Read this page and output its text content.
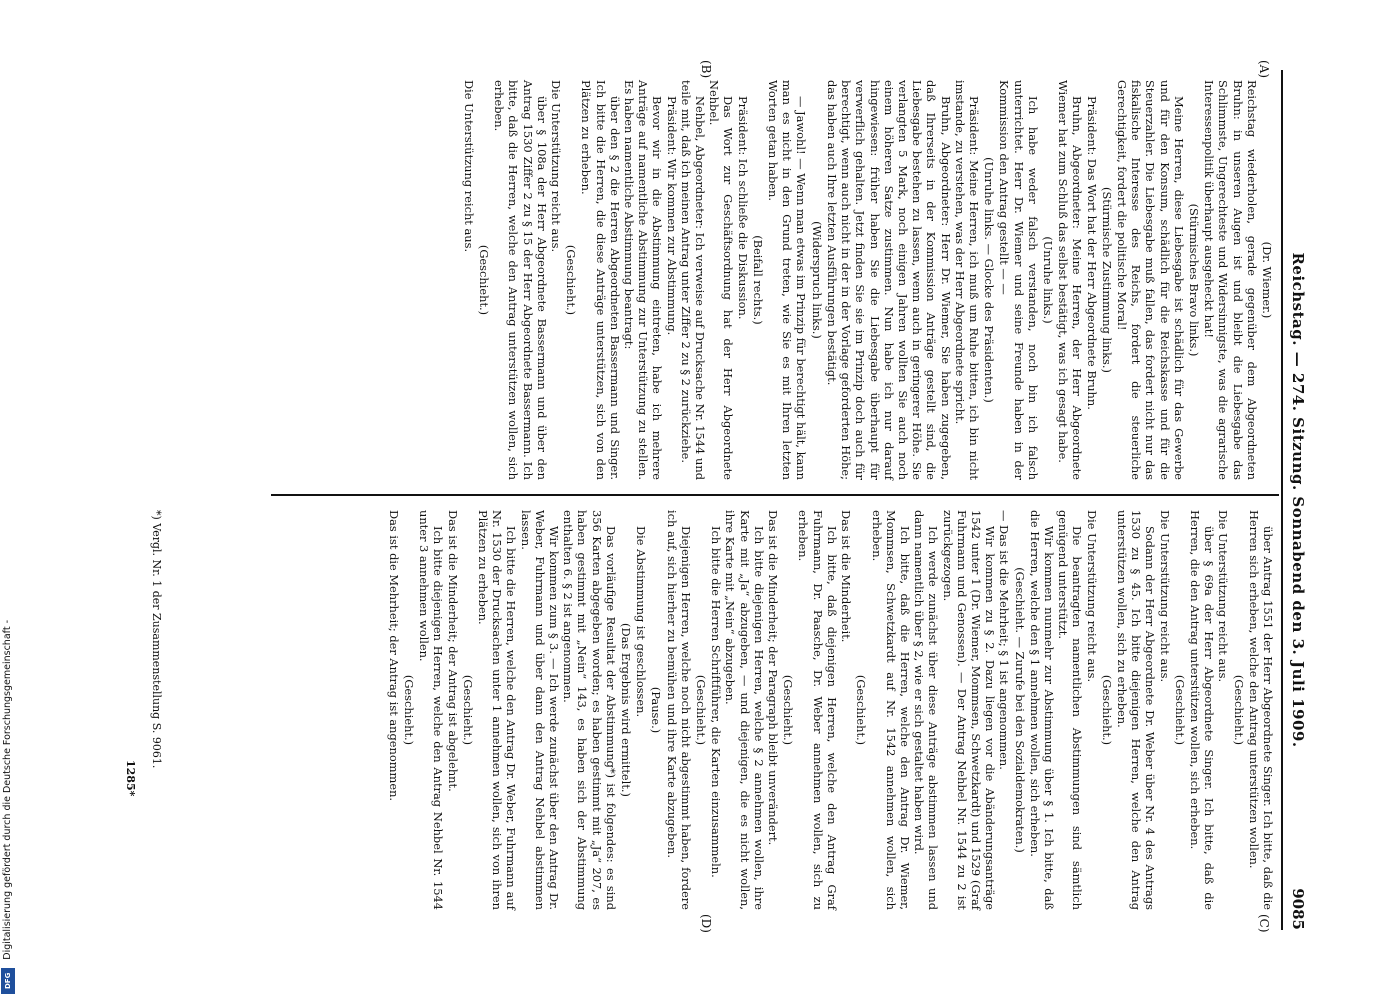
Reichstag. — 274. Sitzung. Sonnabend den 3. Juli 1909.
9085
(A)
(B)
(C)
(D)

(Dr. Wiemer.)

Reichstag wiederholen, gerade gegenüber dem Abgeordneten Bruhn: in unseren Augen ist und bleibt die Liebesgabe das Schlimmste, Ungerechteste und Widersinnigste, was die agrarische Interessenpolitik überhaupt ausgeheckt hat!

(Stürmisches Bravo links.)

Meine Herren, diese Liebesgabe ist schädlich für das Gewerbe und für den Konsum, schädlich für die Reichskasse und für die Steuerzahler. Die Liebesgabe muß fallen, das fordert nicht nur das fiskalische Interesse des Reichs, fordert die steuerliche Gerechtigkeit, fordert die politische Moral!

(Stürmische Zustimmung links.)

Präsident: Das Wort hat der Herr Abgeordnete Bruhn.

Bruhn, Abgeordneter: Meine Herren, der Herr Abgeordnete Wiemer hat zum Schluß das selbst bestätigt, was ich gesagt habe.

(Unruhe links.)

Ich habe weder falsch verstanden, noch bin ich falsch unterrichtet. Herr Dr. Wiemer und seine Freunde haben in der Kommission den Antrag gestellt — —

(Unruhe links. — Glocke des Präsidenten.)

Präsident: Meine Herren, ich muß um Ruhe bitten, ich bin nicht imstande, zu verstehen, was der Herr Abgeordnete spricht.

Bruhn, Abgeordneter: Herr Dr. Wiemer, Sie haben zugegeben, daß Ihrerseits in der Kommission Anträge gestellt sind, die Liebesgabe bestehen zu lassen, wenn auch in geringerer Höhe. Sie verlangten 5 Mark, noch einigen Jahren wollten Sie auch noch einem höheren Satze zustimmen. Nun habe ich nur darauf hingewiesen: früher haben Sie die Liebesgabe überhaupt für verwerflich gehalten. Jetzt finden Sie sie im Prinzip doch auch für berechtigt, wenn auch nicht in der in der Vorlage geforderten Höhe; das haben auch Ihre letzten Ausführungen bestätigt.

(Widerspruch links.)

— Jawohl! — Wenn man etwas im Prinzip für berechtigt hält, kann man es nicht in den Grund treten, wie Sie es mit Ihren letzten Worten getan haben.

(Beifall rechts.)

Präsident: Ich schließe die Diskussion.

Das Wort zur Geschäftsordnung hat der Herr Abgeordnete Nehbel.

Nehbel, Abgeordneter: Ich verweise auf Drucksache Nr. 1544 und teile mit, daß ich meinen Antrag unter Ziffer 2 zu § 2 zurückziehe.

Präsident: Wir kommen zur Abstimmung.

Bevor wir in die Abstimmung eintreten, habe ich mehrere Anträge auf namentliche Abstimmung zur Unterstützung zu stellen. Es haben namentliche Abstimmung beantragt:

über den § 2 die Herren Abgeordneten Bassermann und Singer. Ich bitte die Herren, die diese Anträge unterstützen, sich von den Plätzen zu erheben.

(Geschieht.)

Die Unterstützung reicht aus.

über § 108a der Herr Abgeordnete Bassermann und über den Antrag 1530 Ziffer 2 zu § 15 der Herr Abgeordnete Bassermann. Ich bitte, daß die Herren, welche den Antrag unterstützen wollen, sich erheben.

(Geschieht.)

Die Unterstützung reicht aus.

über Antrag 1551 der Herr Abgeordnete Singer. Ich bitte, daß die Herren sich erheben, welche den Antrag unterstützen wollen.

(Geschieht.)

Die Unterstützung reicht aus.

über § 69a der Herr Abgeordnete Singer. Ich bitte, daß die Herren, die den Antrag unterstützen wollen, sich erheben.

(Geschieht.)

Die Unterstützung reicht aus.

Sodann der Herr Abgeordnete Dr. Weber über Nr. 4 des Antrags 1530 zu § 45. Ich bitte diejenigen Herren, welche den Antrag unterstützen wollen, sich zu erheben.

(Geschieht.)

Die Unterstützung reicht aus.

Die beantragten namentlichen Abstimmungen sind sämtlich genügend unterstützt.

Wir kommen nunmehr zur Abstimmung über § 1. Ich bitte, daß die Herren, welche den § 1 annehmen wollen, sich erheben.

(Geschieht. — Zurufe bei den Sozialdemokraten.)

— Das ist die Mehrheit; § 1 ist angenommen.

Wir kommen zu § 2. Dazu liegen vor die Abänderungsanträge 1542 unter 1 (Dr. Wiemer, Mommsen, Schwetzkardt) und 1529 (Graf Fuhrmann und Genossen). — Der Antrag Nehbel Nr. 1544 zu 2 ist zurückgezogen.

Ich werde zunächst über diese Anträge abstimmen lassen und dann namentlich über § 2, wie er sich gestaltet haben wird.

Ich bitte, daß die Herren, welche den Antrag Dr. Wiemer, Mommsen, Schwetzkardt auf Nr. 1542 annehmen wollen, sich erheben.

(Geschieht.)

Das ist die Minderheit.

Ich bitte, daß diejenigen Herren, welche den Antrag Graf Fuhrmann, Dr. Paasche, Dr. Weber annehmen wollen, sich zu erheben.

(Geschieht.)

Das ist die Minderheit; der Paragraph bleibt unverändert.

Ich bitte diejenigen Herren, welche § 2 annehmen wollen, ihre Karte mit „Ja“ abzugeben, — und diejenigen, die es nicht wollen, ihre Karte mit „Nein“ abzugeben.

Ich bitte die Herren Schriftführer, die Karten einzusammeln.

(Geschieht.)

Diejenigen Herren, welche noch nicht abgestimmt haben, fordere ich auf, sich hierher zu bemühen und ihre Karte abzugeben.

(Pause.)

Die Abstimmung ist geschlossen.

(Das Ergebnis wird ermittelt.)

Das vorläufige Resultat der Abstimmung*) ist folgendes: es sind 356 Karten abgegeben worden; es haben gestimmt mit „Ja“ 207, es haben gestimmt mit „Nein“ 143, es haben sich der Abstimmung enthalten 6. § 2 ist angenommen.

Wir kommen zum § 3. — Ich werde zunächst über den Antrag Dr. Weber, Fuhrmann und über dann den Antrag Nehbel abstimmen lassen.

Ich bitte die Herren, welche den Antrag Dr. Weber, Fuhrmann auf Nr. 1530 der Drucksachen unter 1 annehmen wollen, sich von ihren Plätzen zu erheben.

(Geschieht.)

Das ist die Minderheit; der Antrag ist abgelehnt.

Ich bitte diejenigen Herren, welche den Antrag Nehbel Nr. 1544 unter 3 annehmen wollen.

(Geschieht.)

Das ist die Mehrheit; der Antrag ist angenommen.

*) Vergl. Nr. 1 der Zusammenstellung S. 9061.
1285*
Digitalisierung gefördert durch die Deutsche Forschungsgemeinschaft -
DFG
